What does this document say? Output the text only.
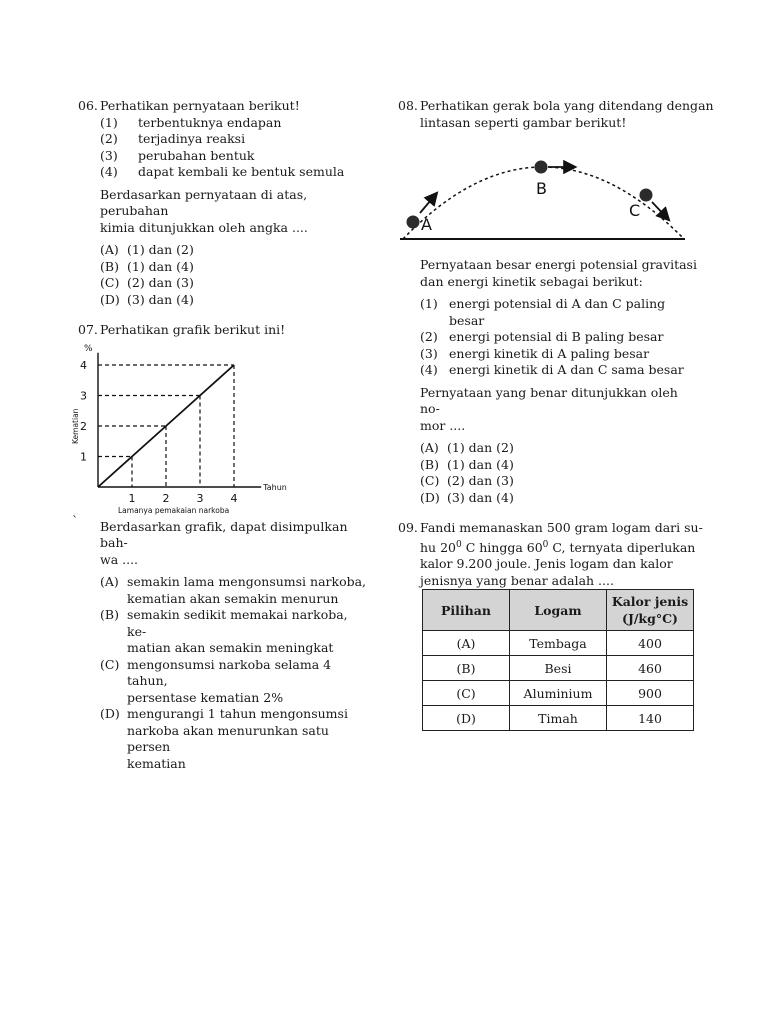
06. Perhatikan pernyataan berikut!
(1)	terbentuknya endapan
(2)	terjadinya reaksi
(3)	perubahan bentuk
(4)	dapat kembali ke bentuk semula
Berdasarkan pernyataan di atas, perubahan
kimia ditunjukkan oleh angka ....
(A) (1) dan (2)
(B) (1) dan (4)
(C) (2) dan (3)
(D) (3) dan (4)
07. Perhatikan grafik berikut ini!
1
2
3
4
1 2 3 4
%
Tahun
Kematian
Lamanya pemakaian narkoba
` Berdasarkan grafik, dapat disimpulkan bah-
wa ....
(A) semakin lama mengonsumsi narkoba,
kematian akan semakin menurun
(B) semakin sedikit memakai narkoba, ke-
matian akan semakin meningkat
(C) mengonsumsi narkoba selama 4 tahun,
persentase kematian 2%
(D) mengurangi 1 tahun mengonsumsi
narkoba akan menurunkan satu persen
kematian
08. Perhatikan gerak bola yang ditendang dengan
lintasan seperti gambar berikut!
A
B
C
Pernyataan besar energi potensial gravitasi
dan energi kinetik sebagai berikut:
(1) energi potensial di A dan C paling besar
(2) energi potensial di B paling besar
(3) energi kinetik di A paling besar
(4) energi kinetik di A dan C sama besar
Pernyataan yang benar ditunjukkan oleh no-
mor ....
(A) (1) dan (2)
(B) (1) dan (4)
(C) (2) dan (3)
(D) (3) dan (4)
09. Fandi memanaskan 500 gram logam dari su-
hu $20^0$ C hingga $60^0$ C, ternyata diperlukan
kalor 9.200 joule. Jenis logam dan kalor
jenisnya yang benar adalah ....
Pilihan	Logam	Kalor jenis
(J/kg°C)

(A)	Tembaga	400
(B)	Besi	460
(C)	Aluminium	900
(D)	Timah	140
